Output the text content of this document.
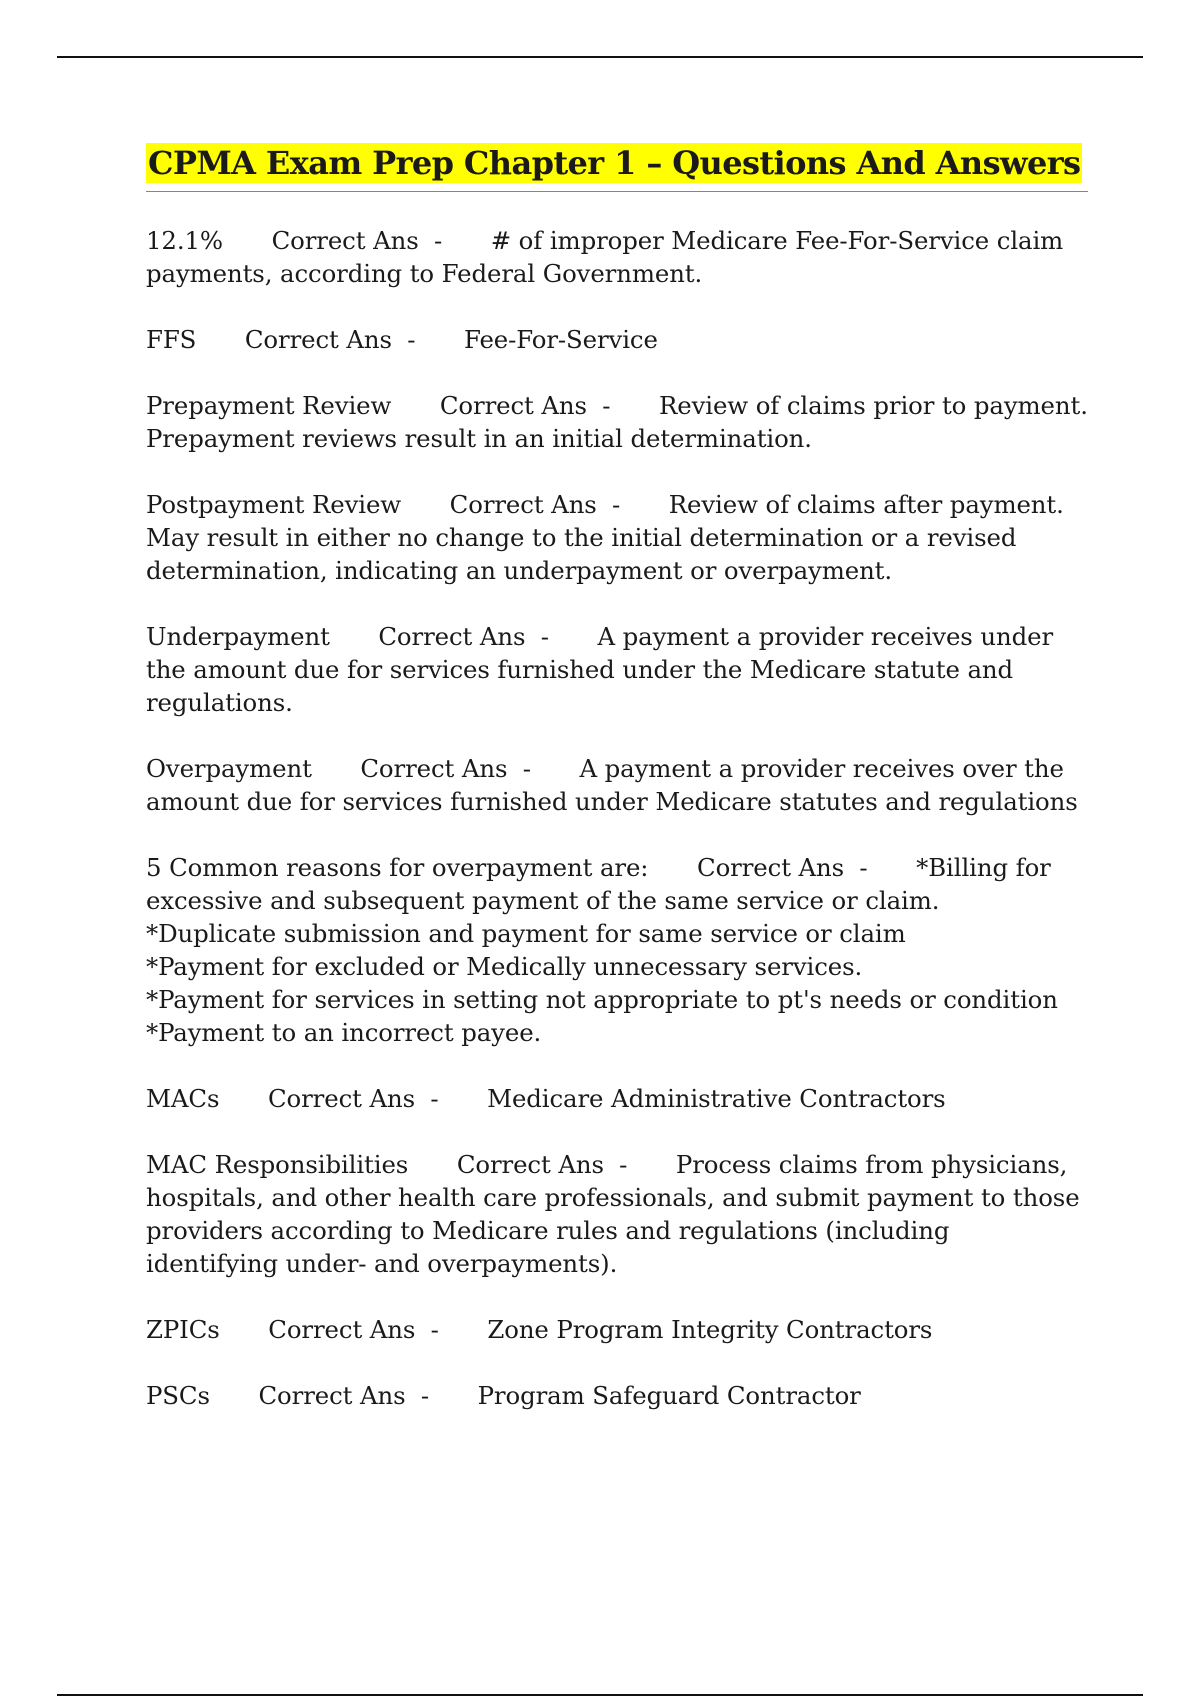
CPMA Exam Prep Chapter 1 – Questions And Answers

12.1%   Correct Ans  -   # of improper Medicare Fee-For-Service claim payments, according to Federal Government.

FFS   Correct Ans  -   Fee-For-Service

Prepayment Review   Correct Ans  -   Review of claims prior to payment. Prepayment reviews result in an initial determination.

Postpayment Review   Correct Ans  -   Review of claims after payment. May result in either no change to the initial determination or a revised determination, indicating an underpayment or overpayment.

Underpayment   Correct Ans  -   A payment a provider receives under the amount due for services furnished under the Medicare statute and regulations.

Overpayment   Correct Ans  -   A payment a provider receives over the amount due for services furnished under Medicare statutes and regulations

5 Common reasons for overpayment are:   Correct Ans  -   *Billing for excessive and subsequent payment of the same service or claim.
*Duplicate submission and payment for same service or claim
*Payment for excluded or Medically unnecessary services.
*Payment for services in setting not appropriate to pt's needs or condition
*Payment to an incorrect payee.

MACs   Correct Ans  -   Medicare Administrative Contractors

MAC Responsibilities   Correct Ans  -   Process claims from physicians, hospitals, and other health care professionals, and submit payment to those providers according to Medicare rules and regulations (including identifying under- and overpayments).

ZPICs   Correct Ans  -   Zone Program Integrity Contractors

PSCs   Correct Ans  -   Program Safeguard Contractor
